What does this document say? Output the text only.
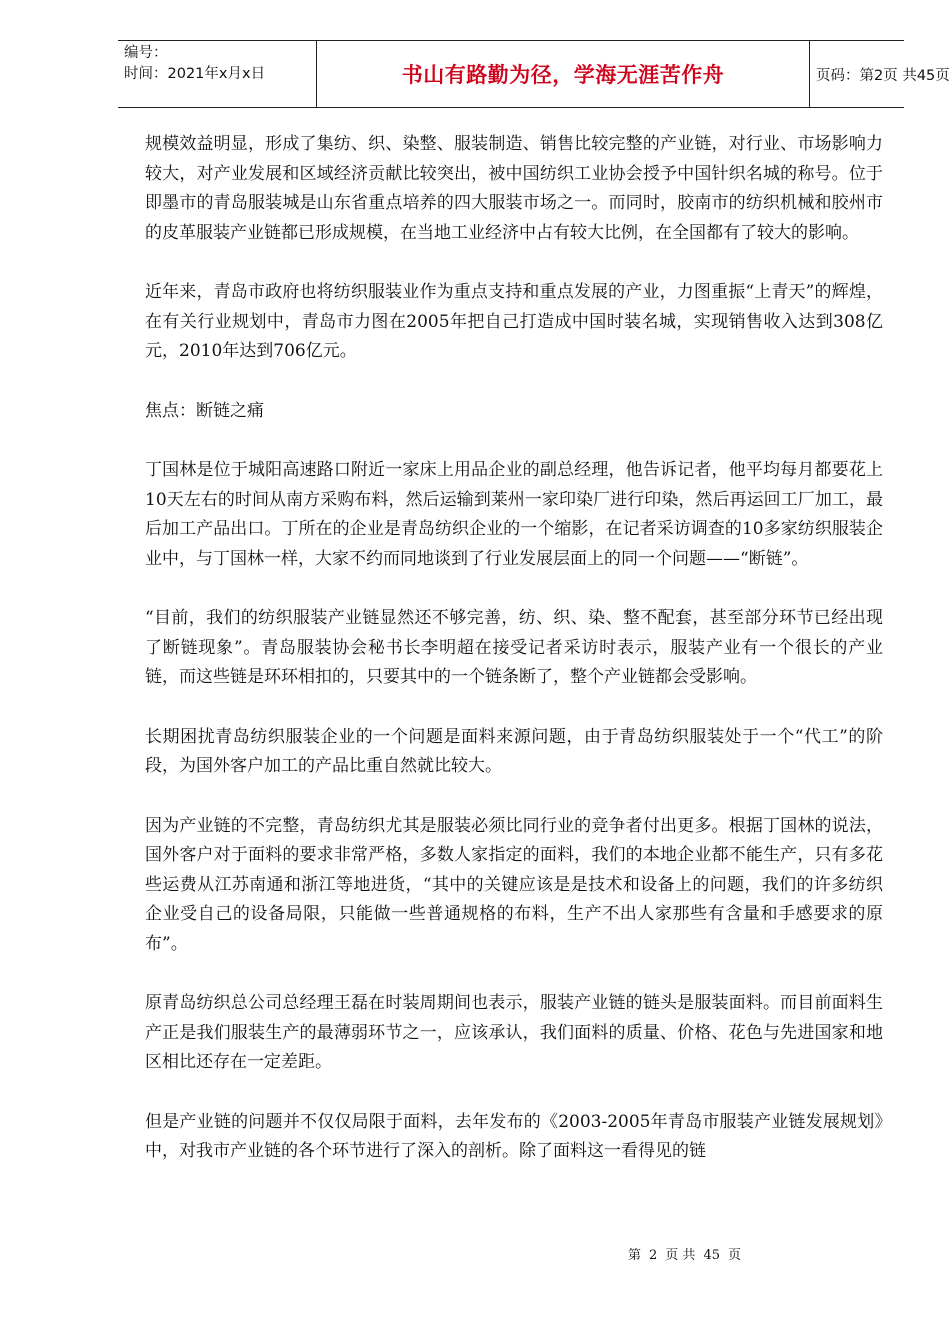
编号：
时间：2021年x月x日	书山有路勤为径，学海无涯苦作舟	页码：第2页 共45页

规模效益明显，形成了集纺、织、染整、服装制造、销售比较完整的产业链，对行业、市场影响力较大，对产业发展和区域经济贡献比较突出，被中国纺织工业协会授予中国针织名城的称号。位于即墨市的青岛服装城是山东省重点培养的四大服装市场之一。而同时，胶南市的纺织机械和胶州市的皮革服装产业链都已形成规模，在当地工业经济中占有较大比例，在全国都有了较大的影响。

近年来，青岛市政府也将纺织服装业作为重点支持和重点发展的产业，力图重振“上青天”的辉煌，在有关行业规划中，青岛市力图在2005年把自己打造成中国时装名城，实现销售收入达到308亿元，2010年达到706亿元。

焦点：断链之痛

丁国林是位于城阳高速路口附近一家床上用品企业的副总经理，他告诉记者，他平均每月都要花上10天左右的时间从南方采购布料，然后运输到莱州一家印染厂进行印染，然后再运回工厂加工，最后加工产品出口。丁所在的企业是青岛纺织企业的一个缩影，在记者采访调查的10多家纺织服装企业中，与丁国林一样，大家不约而同地谈到了行业发展层面上的同一个问题——“断链”。

“目前，我们的纺织服装产业链显然还不够完善，纺、织、染、整不配套，甚至部分环节已经出现了断链现象”。青岛服装协会秘书长李明超在接受记者采访时表示，服装产业有一个很长的产业链，而这些链是环环相扣的，只要其中的一个链条断了，整个产业链都会受影响。

长期困扰青岛纺织服装企业的一个问题是面料来源问题，由于青岛纺织服装处于一个“代工”的阶段，为国外客户加工的产品比重自然就比较大。

因为产业链的不完整，青岛纺织尤其是服装必须比同行业的竞争者付出更多。根据丁国林的说法，国外客户对于面料的要求非常严格，多数人家指定的面料，我们的本地企业都不能生产，只有多花些运费从江苏南通和浙江等地进货，“其中的关键应该是是技术和设备上的问题，我们的许多纺织企业受自己的设备局限，只能做一些普通规格的布料，生产不出人家那些有含量和手感要求的原布”。

原青岛纺织总公司总经理王磊在时装周期间也表示，服装产业链的链头是服装面料。而目前面料生产正是我们服装生产的最薄弱环节之一，应该承认，我们面料的质量、价格、花色与先进国家和地区相比还存在一定差距。

但是产业链的问题并不仅仅局限于面料，去年发布的《2003-2005年青岛市服装产业链发展规划》中，对我市产业链的各个环节进行了深入的剖析。除了面料这一看得见的链

第 2 页 共 45 页
